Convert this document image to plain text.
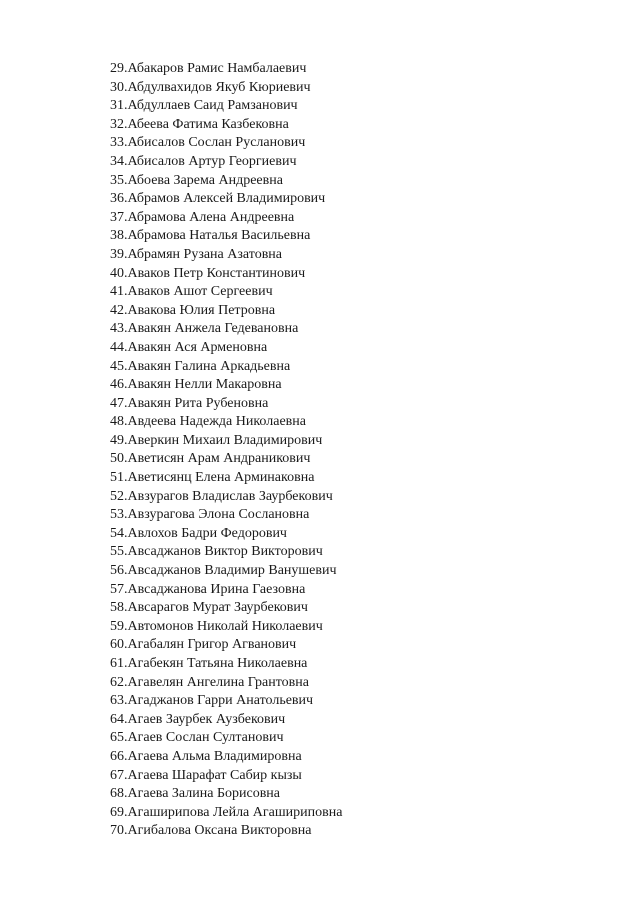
29.Абакаров Рамис Намбалаевич
30.Абдулвахидов Якуб Кюриевич
31.Абдуллаев Саид Рамзанович
32.Абеева Фатима Казбековна
33.Абисалов Сослан Русланович
34.Абисалов Артур Георгиевич
35.Абоева Зарема Андреевна
36.Абрамов Алексей Владимирович
37.Абрамова Алена Андреевна
38.Абрамова Наталья Васильевна
39.Абрамян Рузана Азатовна
40.Аваков Петр Константинович
41.Аваков Ашот Сергеевич
42.Авакова Юлия Петровна
43.Авакян Анжела Гедевановна
44.Авакян Ася Арменовна
45.Авакян Галина Аркадьевна
46.Авакян Нелли Макаровна
47.Авакян Рита Рубеновна
48.Авдеева Надежда Николаевна
49.Аверкин Михаил Владимирович
50.Аветисян Арам Андраникович
51.Аветисянц Елена Арминаковна
52.Авзурагов Владислав Заурбекович
53.Авзурагова Элона Сослановна
54.Авлохов Бадри Федорович
55.Авсаджанов Виктор Викторович
56.Авсаджанов Владимир Ванушевич
57.Авсаджанова Ирина Гаезовна
58.Авсарагов Мурат Заурбекович
59.Автомонов Николай Николаевич
60.Агабалян Григор Агванович
61.Агабекян Татьяна Николаевна
62.Агавелян Ангелина Грантовна
63.Агаджанов Гарри Анатольевич
64.Агаев Заурбек Аузбекович
65.Агаев Сослан Султанович
66.Агаева Альма Владимировна
67.Агаева Шарафат Сабир кызы
68.Агаева Залина Борисовна
69.Агаширипова Лейла Агашириповна
70.Агибалова Оксана Викторовна
